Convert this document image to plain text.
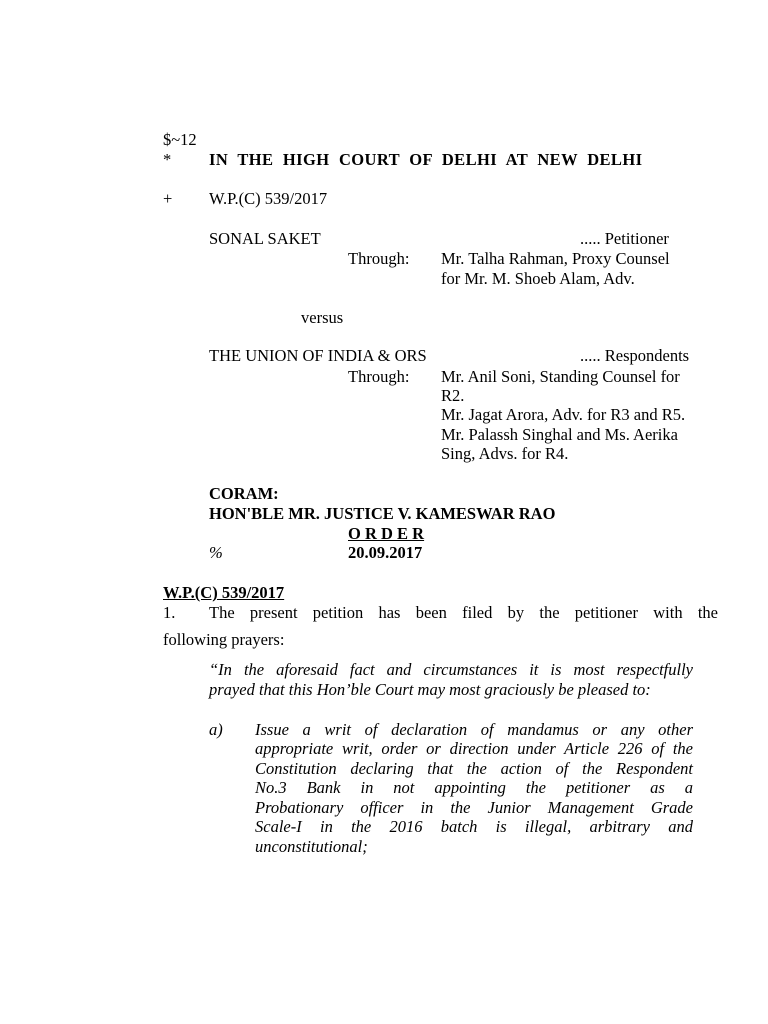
$~12
* IN THE HIGH COURT OF DELHI AT NEW DELHI
+ W.P.(C) 539/2017
SONAL SAKET	..... Petitioner
Through: Mr. Talha Rahman, Proxy Counsel
for Mr. M. Shoeb Alam, Adv.
versus
THE UNION OF INDIA & ORS	..... Respondents
Through: Mr. Anil Soni, Standing Counsel for
R2.
Mr. Jagat Arora, Adv. for R3 and R5.
Mr. Palassh Singhal and Ms. Aerika
Sing, Advs. for R4.
CORAM:
HON'BLE MR. JUSTICE V. KAMESWAR RAO
O R D E R
%	20.09.2017
W.P.(C) 539/2017
1. The present petition has been filed by the petitioner with the
following prayers:
“In the aforesaid fact and circumstances it is most respectfully
prayed that this Hon’ble Court may most graciously be pleased to:
a) Issue a writ of declaration of mandamus or any other
appropriate writ, order or direction under Article 226 of the
Constitution declaring that the action of the Respondent
No.3 Bank in not appointing the petitioner as a
Probationary officer in the Junior Management Grade
Scale-I in the 2016 batch is illegal, arbitrary and
unconstitutional;
